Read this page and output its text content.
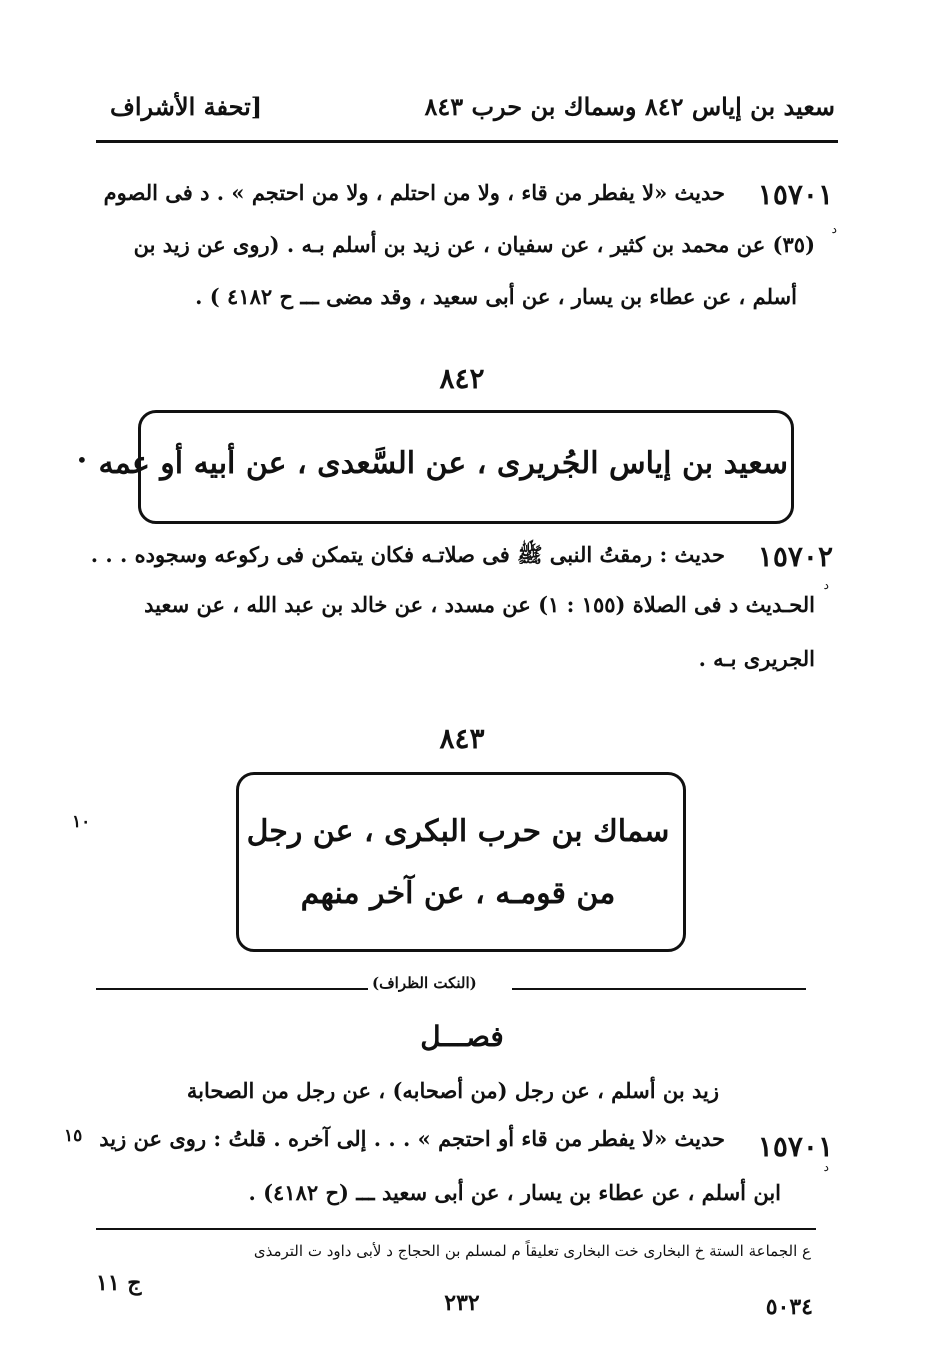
سعيد بن إياس ٨٤٢ وسماك بن حرب ٨٤٣
[تحفة الأشراف
١٥٧٠١
د
حديث «لا يفطر من قاء ، ولا من احتلم ، ولا من احتجم » . د فى الصوم
(٣٥) عن محمد بن كثير ، عن سفيان ، عن زيد بن أسلم بـه . (روى عن زيد بن
أسلم ، عن عطاء بن يسار ، عن أبى سعيد ، وقد مضى ـــ ح ٤١٨٢ ) .
٨٤٢
سعيد بن إياس الجُريرى ، عن السَّعدى ، عن أبيه أو عمه
•
١٥٧٠٢
د
حديث : رمقتُ النبى ﷺ فى صلاتـه فكان يتمكن فى ركوعه وسجوده . . .
الحـديث د فى الصلاة (١٥٥ : ١) عن مسدد ، عن خالد بن عبد الله ، عن سعيد
الجريرى بـه .
٨٤٣
سماك بن حرب البكرى ، عن رجل
من قومـه ، عن آخر منهم
١٠
(النكت الظراف)
فصـــل
زيد بن أسلم ، عن رجل (من أصحابه) ، عن رجل من الصحابة
١٥٧٠١
د
حديث «لا يفطر من قاء أو احتجم » . . . إلى آخره . قلتُ : روى عن زيد
ابن أسلم ، عن عطاء بن يسار ، عن أبى سعيد ـــ (ح ٤١٨٢) .
١٥
ع الجماعة الستة خ البخارى خت البخارى تعليقاً م لمسلم بن الحجاج د لأبى داود ت الترمذى
ج ١١
٢٣٢	٥٠٣٤
